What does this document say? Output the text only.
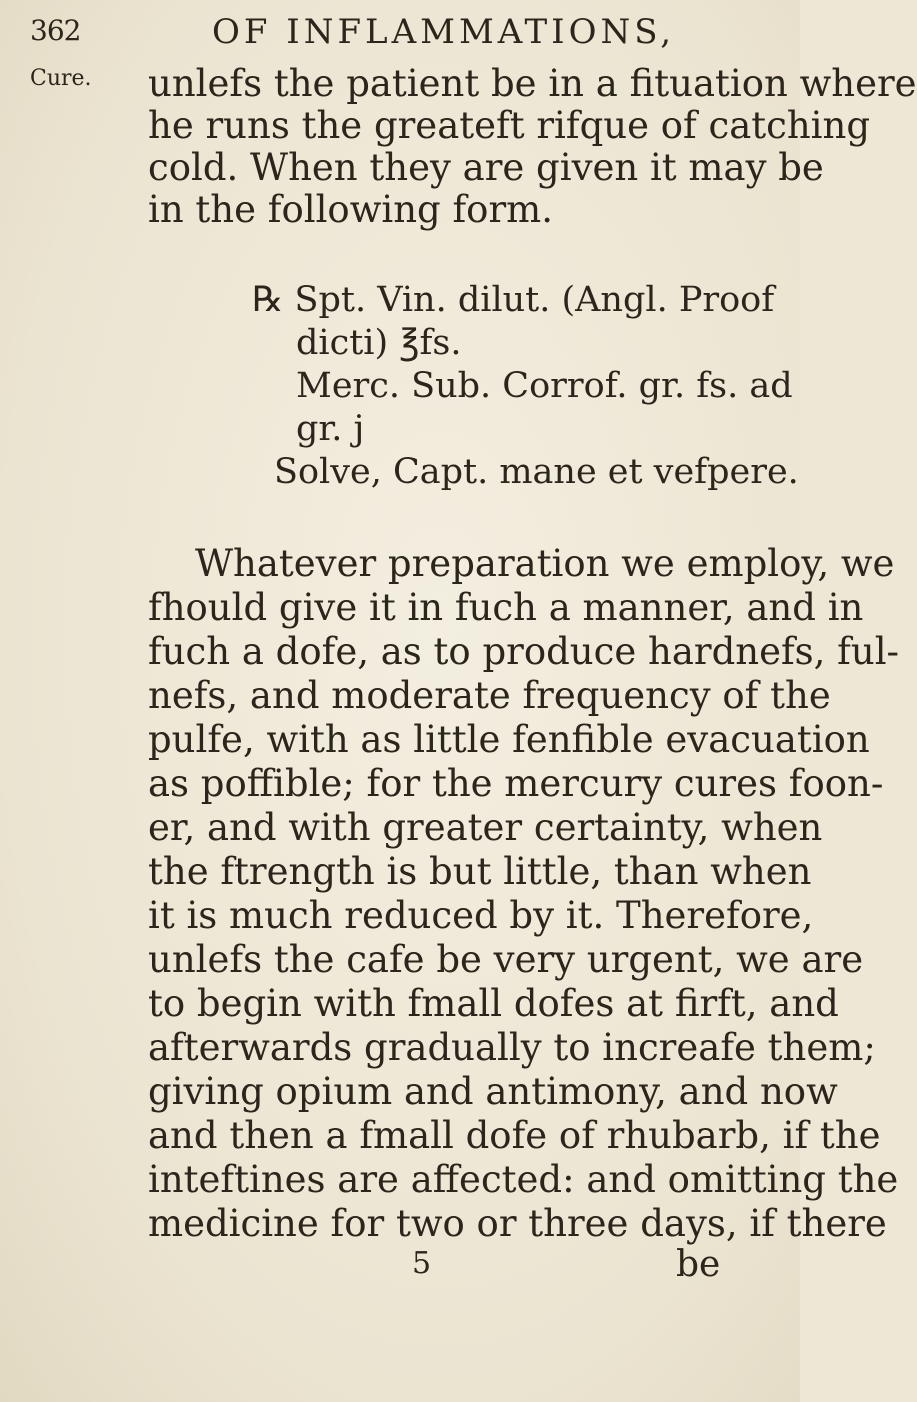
362	OF INFLAMMATIONS,
Cure. unlefs the patient be in a fituation where
he runs the greateft rifque of catching
cold. When they are given it may be
in the following form.
℞ Spt. Vin. dilut. (Angl. Proof
dicti) ℥fs.
Merc. Sub. Corrof. gr. fs. ad
gr. j
Solve, Capt. mane et vefpere.
Whatever preparation we employ, we
fhould give it in fuch a manner, and in
fuch a dofe, as to produce hardnefs, ful-
nefs, and moderate frequency of the
pulfe, with as little fenfible evacuation
as poffible; for the mercury cures foon-
er, and with greater certainty, when
the ftrength is but little, than when
it is much reduced by it. Therefore,
unlefs the cafe be very urgent, we are
to begin with fmall dofes at firft, and
afterwards gradually to increafe them;
giving opium and antimony, and now
and then a fmall dofe of rhubarb, if the
inteftines are affected: and omitting the
medicine for two or three days, if there
5	be
